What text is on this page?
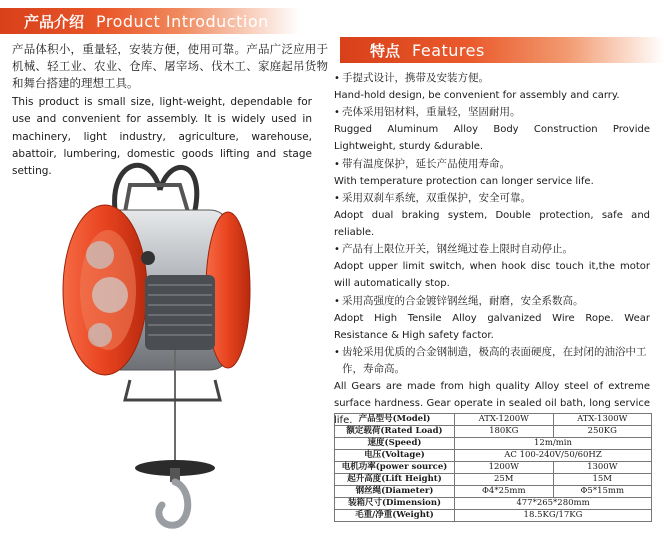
产品介绍 Product Introduction
产品体积小，重量轻，安装方便，使用可靠。产品广泛应用于机械、轻工业、农业、仓库、屠宰场、伐木工、家庭起吊货物和舞台搭建的理想工具。
This product is small size, light-weight, dependable for use and convenient for assembly. It is widely used in machinery, light industry, agriculture, warehouse, abattoir, lumbering, domestic goods lifting and stage setting.
特点 Features
• 手提式设计，携带及安装方便。
Hand-hold design, be convenient for assembly and carry.
• 壳体采用铝材料，重量轻，坚固耐用。
Rugged Aluminum Alloy Body Construction Provide Lightweight, sturdy &durable.
• 带有温度保护，延长产品使用寿命。
With temperature protection can longer service life.
• 采用双刹车系统，双重保护，安全可靠。
Adopt dual braking system, Double protection, safe and reliable.
• 产品有上限位开关，钢丝绳过卷上限时自动停止。
Adopt upper limit switch, when hook disc touch it,the motor will automatically stop.
• 采用高强度的合金镀锌钢丝绳，耐磨，安全系数高。
Adopt High Tensile Alloy galvanized Wire Rope. Wear Resistance & High safety factor.
• 齿轮采用优质的合金钢制造，极高的表面硬度，在封闭的油浴中工作，寿命高。
All Gears are made from high quality Alloy steel of extreme surface hardness. Gear operate in sealed oil bath, long service life. 产品型号(Model)	ATX-1200W	ATX-1300W
额定载荷(Rated Load)	180KG	250KG
速度(Speed)	12m/min	
电压(Voltage)	AC 100-240V/50/60HZ	
电机功率(power source)	1200W	1300W
起升高度(Lift Height)	25M	15M
钢丝绳(Diameter)	Φ4*25mm	Φ5*15mm
装箱尺寸(Dimension)	477*265*280mm	
毛重/净重(Weight)	18.5KG/17KG	
